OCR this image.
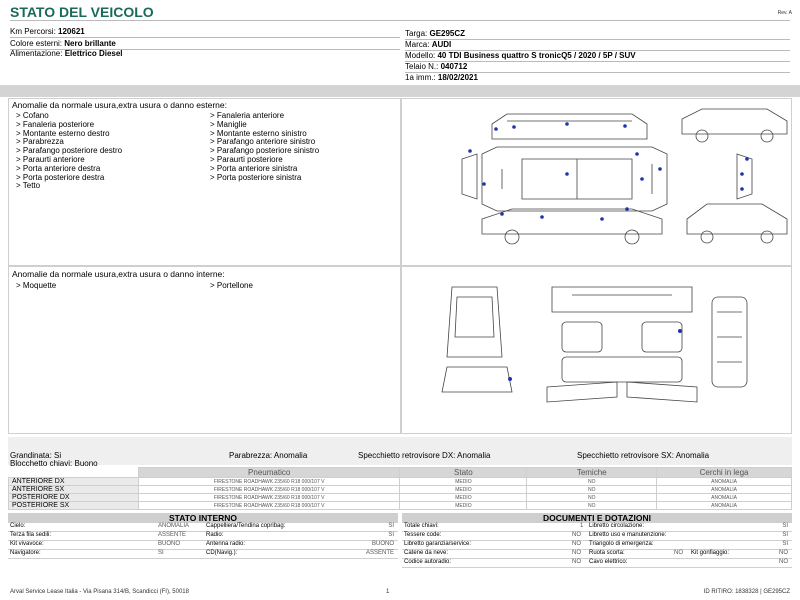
STATO DEL VEICOLO	Rev. A
Km Percorsi: 120621
Colore esterni: Nero brillante
Alimentazione: Elettrico Diesel
Targa: GE295CZ
Marca: AUDI
Modello: 40 TDI Business quattro S tronicQ5 / 2020 / 5P / SUV
Telaio N.: 040712
1a imm.: 18/02/2021
Anomalie da normale usura,extra usura o danno esterne:
> Cofano
> Fanaleria posteriore
> Montante esterno destro
> Parabrezza
> Parafango posteriore destro
> Paraurti anteriore
> Porta anteriore destra
> Porta posteriore destra
> Tetto
> Fanaleria anteriore
> Maniglie
> Montante esterno sinistro
> Parafango anteriore sinistro
> Parafango posteriore sinistro
> Paraurti posteriore
> Porta anteriore sinistra
> Porta posteriore sinistra
Anomalie da normale usura,extra usura o danno interne:
> Moquette	> Portellone
Grandinata: Si	Parabrezza: Anomalia	Specchietto retrovisore DX: Anomalia	Specchietto retrovisore SX: Anomalia
Blocchetto chiavi: Buono
	Pneumatico	Stato	Temiche	Cerchi in lega
ANTERIORE DX	FIRESTONE ROADHAWK 235/60 R18 000/107 V	MEDIO	NO	ANOMALIA
ANTERIORE SX	FIRESTONE ROADHAWK 235/60 R18 000/107 V	MEDIO	NO	ANOMALIA
POSTERIORE DX	FIRESTONE ROADHAWK 235/60 R18 000/107 V	MEDIO	NO	ANOMALIA
POSTERIORE SX	FIRESTONE ROADHAWK 235/60 R18 000/107 V	MEDIO	NO	ANOMALIA
STATO INTERNO
Cielo:	ANOMALIA	Cappelliera/Tendina copribag:	SI
Terza fila sedili:	ASSENTE	Radio:	SI
Kit vivavoce:	BUONO	Antenna radio:	BUONO
Navigatore:	SI	CD(Navig.):	ASSENTE
DOCUMENTI E DOTAZIONI
Totale chiavi:	1 Libretto circolazione:	SI
Tessere code:	NO Libretto uso e manutenzione:	SI
Libretto garanzia/service:	NO Triangolo di emergenza:	SI
Catene da neve:	NO Ruota scorta:	NO Kit gonfiaggio:	NO
Codice autoradio:	NO Cavo elettrico:	NO
Arval Service Lease Italia - Via Pisana 314/B, Scandicci (FI), 50018	1	ID RITIRO: 1838328 | GE295CZ
